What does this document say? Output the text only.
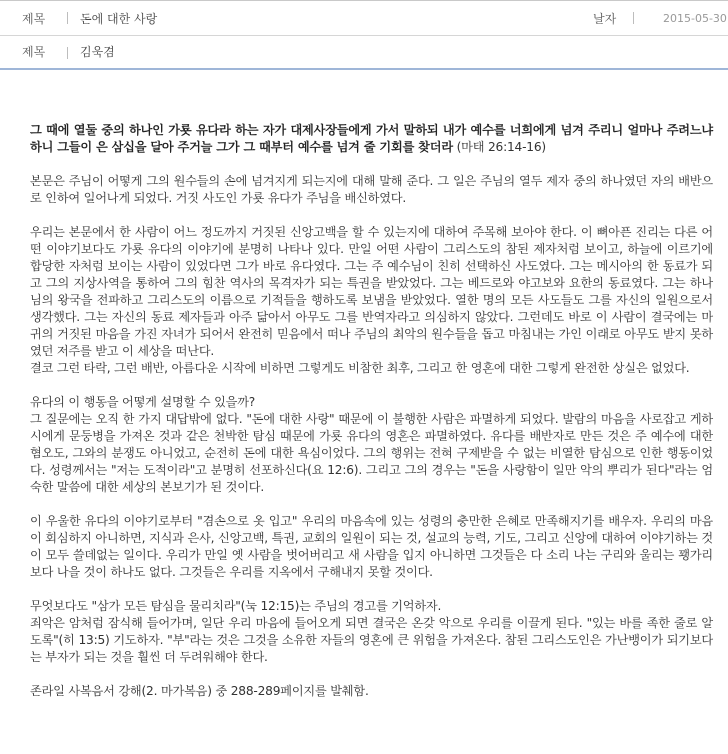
제목	돈에 대한 사랑	날자	2015-05-30
제목	김욱겸

그 때에 열둘 중의 하나인 가룟 유다라 하는 자가 대제사장들에게 가서 말하되 내가 예수를 너희에게 넘겨 주리니 얼마나 주려느냐 하니 그들이 은 삼십을 달아 주거늘 그가 그 때부터 예수를 넘겨 줄 기회를 찾더라 (마태 26:14-16)

본문은 주님이 어떻게 그의 원수들의 손에 넘겨지게 되는지에 대해 말해 준다. 그 일은 주님의 열두 제자 중의 하나였던 자의 배반으로 인하여 일어나게 되었다. 거짓 사도인 가룟 유다가 주님을 배신하였다.

우리는 본문에서 한 사람이 어느 정도까지 거짓된 신앙고백을 할 수 있는지에 대하여 주목해 보아야 한다. 이 뼈아픈 진리는 다른 어떤 이야기보다도 가룟 유다의 이야기에 분명히 나타나 있다. 만일 어떤 사람이 그리스도의 참된 제자처럼 보이고, 하늘에 이르기에 합당한 자처럼 보이는 사람이 있었다면 그가 바로 유다였다. 그는 주 예수님이 친히 선택하신 사도였다. 그는 메시아의 한 동료가 되고 그의 지상사역을 통하여 그의 힘찬 역사의 목격자가 되는 특권을 받았었다. 그는 베드로와 야고보와 요한의 동료였다. 그는 하나님의 왕국을 전파하고 그리스도의 이름으로 기적들을 행하도록 보냄을 받았었다. 열한 명의 모든 사도들도 그를 자신의 일원으로서 생각했다. 그는 자신의 동료 제자들과 아주 닮아서 아무도 그를 반역자라고 의심하지 않았다. 그런데도 바로 이 사람이 결국에는 마귀의 거짓된 마음을 가진 자녀가 되어서 완전히 믿음에서 떠나 주님의 최악의 원수들을 돕고 마침내는 가인 이래로 아무도 받지 못하였던 저주를 받고 이 세상을 떠난다.

결코 그런 타락, 그런 배반, 아름다운 시작에 비하면 그렇게도 비참한 최후, 그리고 한 영혼에 대한 그렇게 완전한 상실은 없었다.

유다의 이 행동을 어떻게 설명할 수 있을까?

그 질문에는 오직 한 가지 대답밖에 없다. "돈에 대한 사랑" 때문에 이 불행한 사람은 파멸하게 되었다. 발람의 마음을 사로잡고 게하시에게 문둥병을 가져온 것과 같은 천박한 탐심 때문에 가룟 유다의 영혼은 파멸하였다. 유다를 배반자로 만든 것은 주 예수에 대한 혐오도, 그와의 분쟁도 아니었고, 순전히 돈에 대한 욕심이었다. 그의 행위는 전혀 구제받을 수 없는 비열한 탐심으로 인한 행동이었다. 성령께서는 "저는 도적이라"고 분명히 선포하신다(요 12:6). 그리고 그의 경우는 "돈을 사랑함이 일만 악의 뿌리가 된다"라는 엄숙한 말씀에 대한 세상의 본보기가 된 것이다.

이 우울한 유다의 이야기로부터 "겸손으로 옷 입고" 우리의 마음속에 있는 성령의 충만한 은혜로 만족해지기를 배우자. 우리의 마음이 회심하지 아니하면, 지식과 은사, 신앙고백, 특권, 교회의 일원이 되는 것, 설교의 능력, 기도, 그리고 신앙에 대하여 이야기하는 것이 모두 쓸데없는 일이다. 우리가 만일 옛 사람을 벗어버리고 새 사람을 입지 아니하면 그것들은 다 소리 나는 구리와 울리는 꽹가리보다 나을 것이 하나도 없다. 그것들은 우리를 지옥에서 구해내지 못할 것이다.

무엇보다도 "삼가 모든 탐심을 물리치라"(눅 12:15)는 주님의 경고를 기억하자.

죄악은 암처럼 잠식해 들어가며, 일단 우리 마음에 들어오게 되면 결국은 온갖 악으로 우리를 이끌게 된다. "있는 바를 족한 줄로 알도록"(히 13:5) 기도하자. "부"라는 것은 그것을 소유한 자들의 영혼에 큰 위험을 가져온다. 참된 그리스도인은 가난뱅이가 되기보다는 부자가 되는 것을 훨씬 더 두려워해야 한다.

존라일 사복음서 강해(2. 마가복음) 중 288-289페이지를 발췌함.
